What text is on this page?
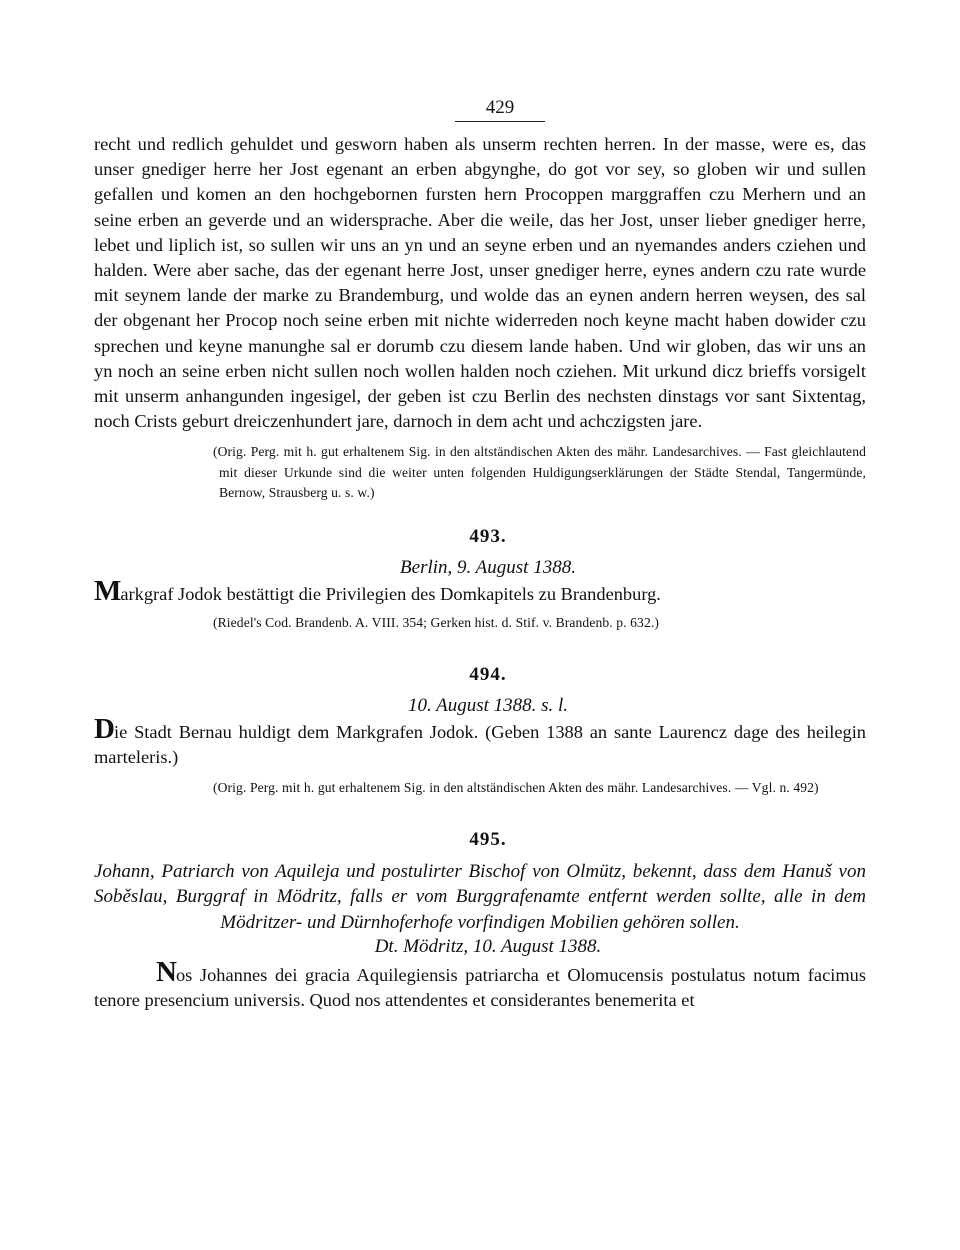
429

recht und redlich gehuldet und gesworn haben als unserm rechten herren. In der masse, were es, das unser gnediger herre her Jost egenant an erben abgynghe, do got vor sey, so globen wir und sullen gefallen und komen an den hochgebornen fursten hern Procoppen marggraffen czu Merhern und an seine erben an geverde und an widersprache. Aber die weile, das her Jost, unser lieber gnediger herre, lebet und liplich ist, so sullen wir uns an yn und an seyne erben und an nyemandes anders cziehen und halden. Were aber sache, das der egenant herre Jost, unser gnediger herre, eynes andern czu rate wurde mit seynem lande der marke zu Brandemburg, und wolde das an eynen andern herren weysen, des sal der obgenant her Procop noch seine erben mit nichte widerreden noch keyne macht haben dowider czu sprechen und keyne manunghe sal er dorumb czu diesem lande haben. Und wir globen, das wir uns an yn noch an seine erben nicht sullen noch wollen halden noch cziehen. Mit urkund dicz brieffs vorsigelt mit unserm anhangunden ingesigel, der geben ist czu Berlin des nechsten dinstags vor sant Sixtentag, noch Crists geburt dreiczenhundert jare, darnoch in dem acht und achczigsten jare.

(Orig. Perg. mit h. gut erhaltenem Sig. in den altständischen Akten des mähr. Landesarchives. — Fast gleichlautend mit dieser Urkunde sind die weiter unten folgenden Huldigungserklärungen der Städte Stendal, Tangermünde, Bernow, Strausberg u. s. w.)

493.

Berlin, 9. August 1388.

Markgraf Jodok bestättigt die Privilegien des Domkapitels zu Brandenburg.

(Riedel's Cod. Brandenb. A. VIII. 354; Gerken hist. d. Stif. v. Brandenb. p. 632.)

494.

10. August 1388. s. l.

Die Stadt Bernau huldigt dem Markgrafen Jodok. (Geben 1388 an sante Laurencz dage des heilegin marteleris.)

(Orig. Perg. mit h. gut erhaltenem Sig. in den altständischen Akten des mähr. Landesarchives. — Vgl. n. 492)

495.

Johann, Patriarch von Aquileja und postulirter Bischof von Olmütz, bekennt, dass dem Hanuš von Soběslau, Burggraf in Mödritz, falls er vom Burggrafenamte entfernt werden sollte, alle in dem Mödritzer- und Dürnhoferhofe vorfindigen Mobilien gehören sollen.

Dt. Mödritz, 10. August 1388.

Nos Johannes dei gracia Aquilegiensis patriarcha et Olomucensis postulatus notum facimus tenore presencium universis. Quod nos attendentes et considerantes benemerita et
